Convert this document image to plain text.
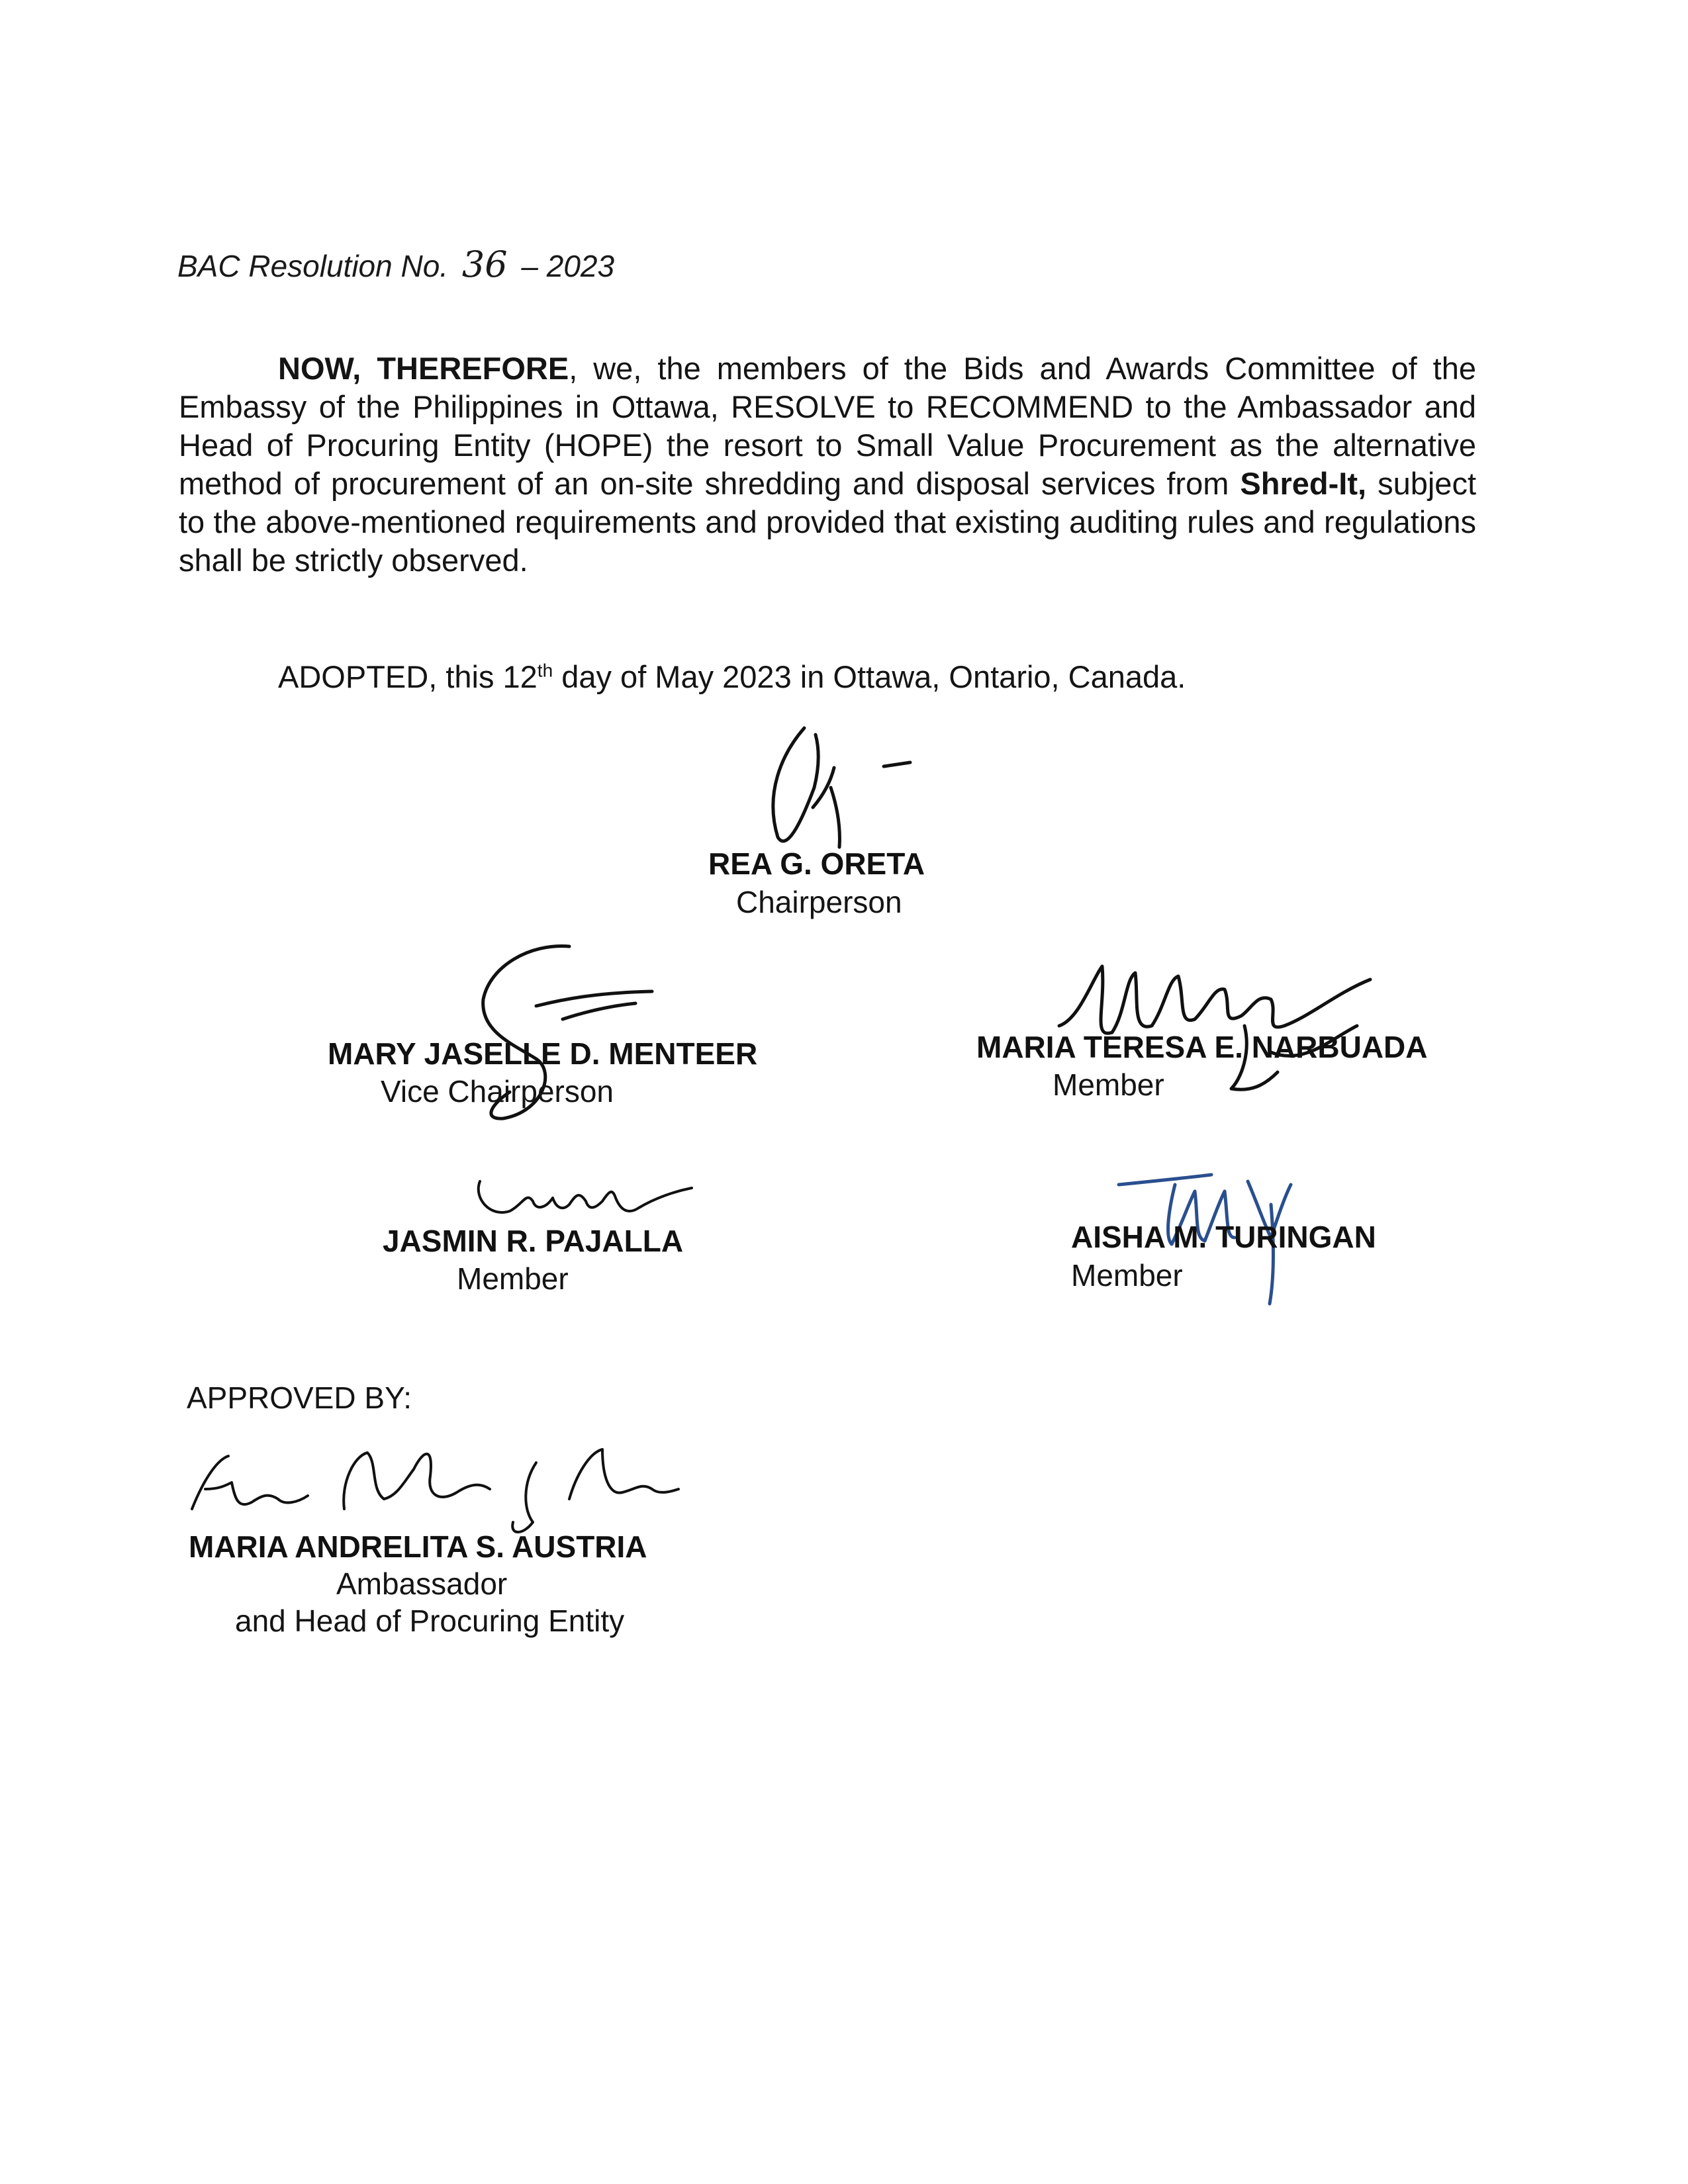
BAC Resolution No. 36 – 2023

NOW, THEREFORE, we, the members of the Bids and Awards Committee of the Embassy of the Philippines in Ottawa, RESOLVE to RECOMMEND to the Ambassador and Head of Procuring Entity (HOPE) the resort to Small Value Procurement as the alternative method of procurement of an on-site shredding and disposal services from Shred-It, subject to the above-mentioned requirements and provided that existing auditing rules and regulations shall be strictly observed.

ADOPTED, this 12th day of May 2023 in Ottawa, Ontario, Canada.
REA G. ORETA
Chairperson
MARY JASELLE D. MENTEER
Vice Chairperson
MARIA TERESA E. NARBUADA
Member
JASMIN R. PAJALLA
Member
AISHA M. TURINGAN
Member
APPROVED BY:
MARIA ANDRELITA S. AUSTRIA
Ambassador
and Head of Procuring Entity
